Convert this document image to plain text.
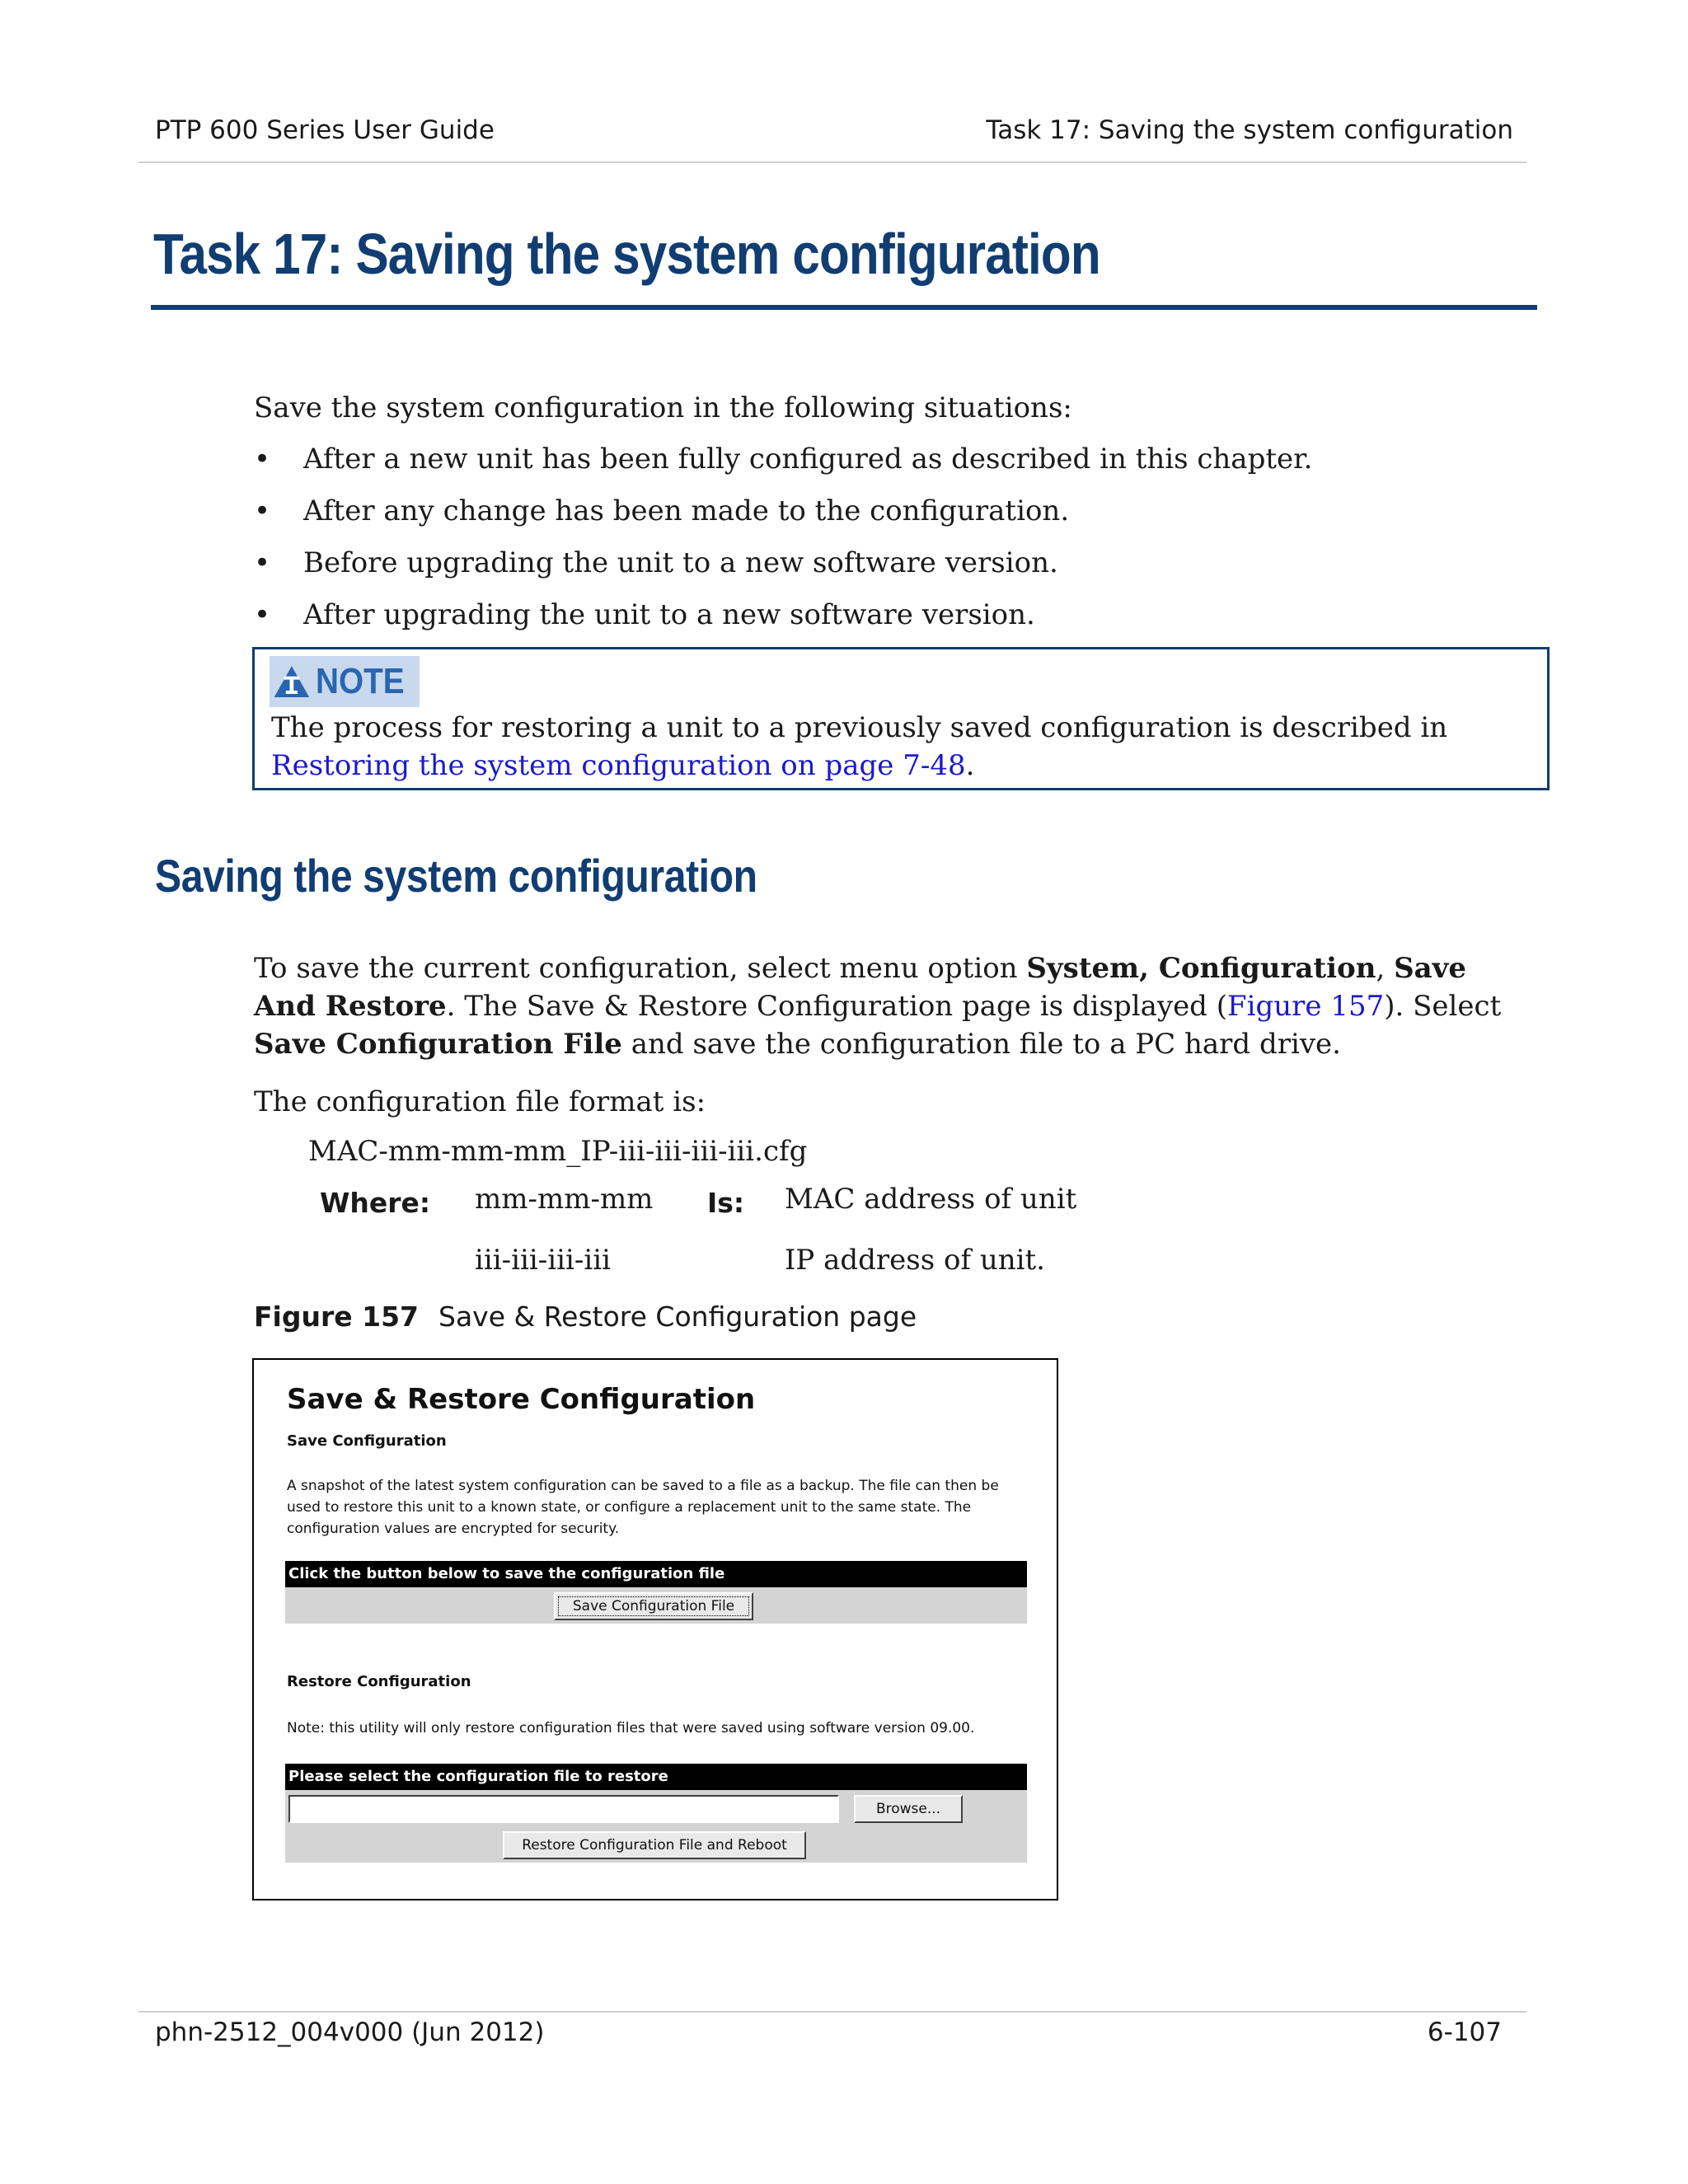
PTP 600 Series User Guide	Task 17: Saving the system configuration
Task 17: Saving the system configuration
Save the system configuration in the following situations:
• After a new unit has been fully configured as described in this chapter.
• After any change has been made to the configuration.
• Before upgrading the unit to a new software version.
• After upgrading the unit to a new software version.
NOTE
The process for restoring a unit to a previously saved configuration is described in
Restoring the system configuration on page 7-48.
Saving the system configuration
To save the current configuration, select menu option System, Configuration, Save And Restore. The Save & Restore Configuration page is displayed (Figure 157). Select Save Configuration File and save the configuration file to a PC hard drive.
The configuration file format is:
MAC-mm-mm-mm_IP-iii-iii-iii-iii.cfg
Where: mm-mm-mm Is: MAC address of unit
iii-iii-iii-iii	IP address of unit.
Figure 157 Save & Restore Configuration page
Save & Restore Configuration
Save Configuration
A snapshot of the latest system configuration can be saved to a file as a backup. The file can then be
used to restore this unit to a known state, or configure a replacement unit to the same state. The
configuration values are encrypted for security.
Click the button below to save the configuration file
Save Configuration File
Restore Configuration
Note: this utility will only restore configuration files that were saved using software version 09.00.
Please select the configuration file to restore
Browse...
Restore Configuration File and Reboot
phn-2512_004v000 (Jun 2012)	6-107
